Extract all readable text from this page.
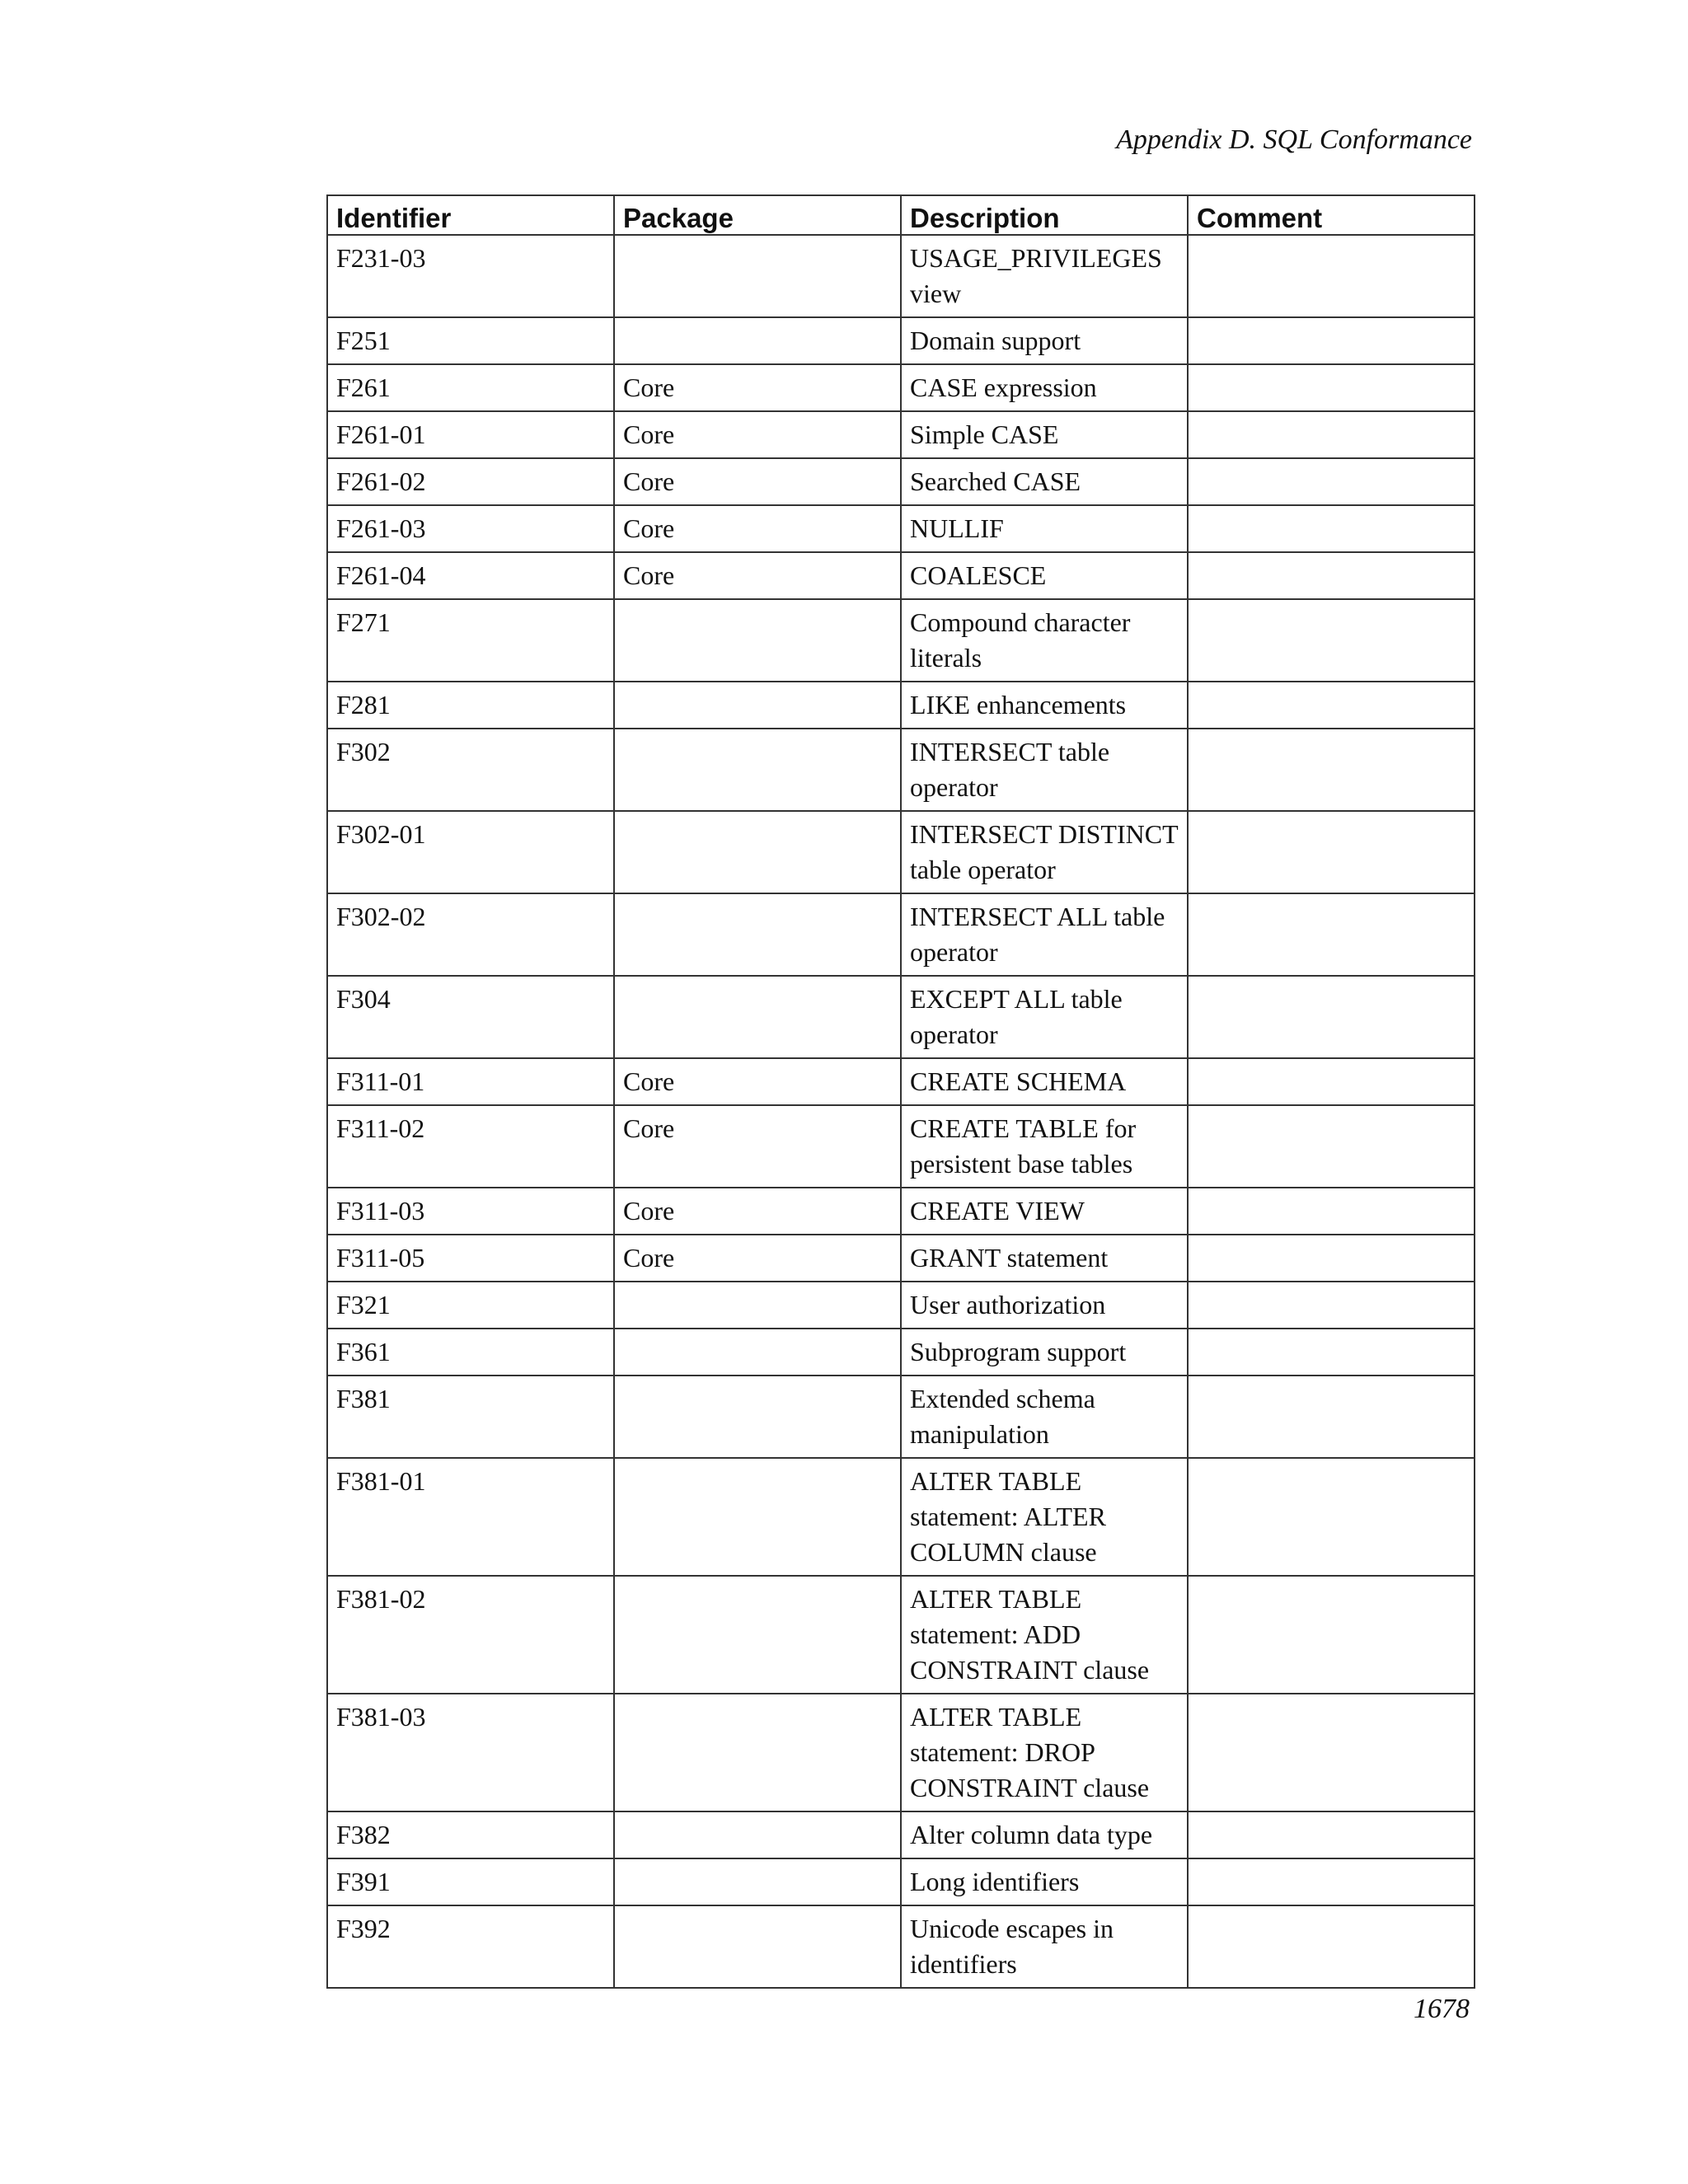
Appendix D. SQL Conformance
Identifier	Package	Description	Comment
F231-03		USAGE_PRIVILEGES view	
F251		Domain support	
F261	Core	CASE expression	
F261-01	Core	Simple CASE	
F261-02	Core	Searched CASE	
F261-03	Core	NULLIF	
F261-04	Core	COALESCE	
F271		Compound character literals	
F281		LIKE enhancements	
F302		INTERSECT table operator	
F302-01		INTERSECT DISTINCT table operator	
F302-02		INTERSECT ALL table operator	
F304		EXCEPT ALL table operator	
F311-01	Core	CREATE SCHEMA	
F311-02	Core	CREATE TABLE for persistent base tables	
F311-03	Core	CREATE VIEW	
F311-05	Core	GRANT statement	
F321		User authorization	
F361		Subprogram support	
F381		Extended schema manipulation	
F381-01		ALTER TABLE statement: ALTER COLUMN clause	
F381-02		ALTER TABLE statement: ADD CONSTRAINT clause	
F381-03		ALTER TABLE statement: DROP CONSTRAINT clause	
F382		Alter column data type	
F391		Long identifiers	
F392		Unicode escapes in identifiers	
1678
